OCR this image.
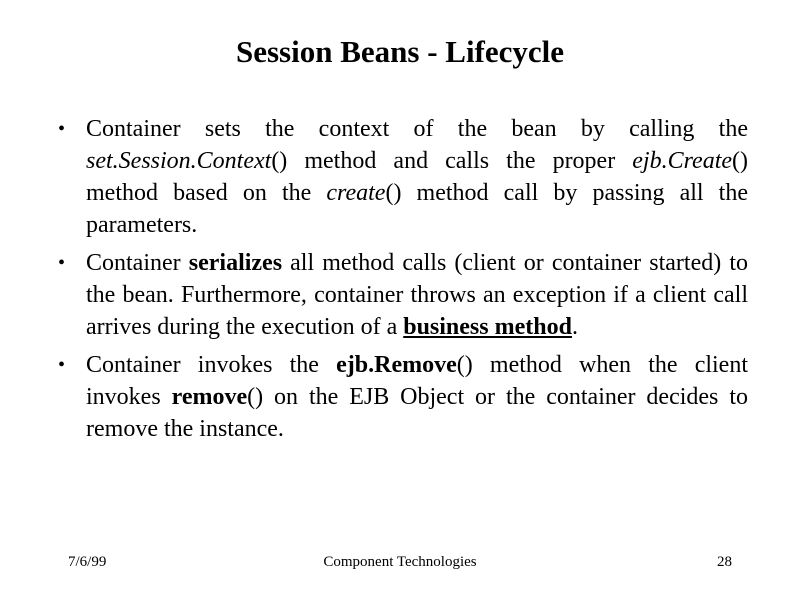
Session Beans - Lifecycle
• Container sets the context of the bean by calling the set.Session.Context() method and calls the proper ejb.Create() method based on the create() method call by passing all the parameters.
• Container serializes all method calls (client or container started) to the bean. Furthermore, container throws an exception if a client call arrives during the execution of a business method.
• Container invokes the ejb.Remove() method when the client invokes remove() on the EJB Object or the container decides to remove the instance.
7/6/99	Component Technologies	28
